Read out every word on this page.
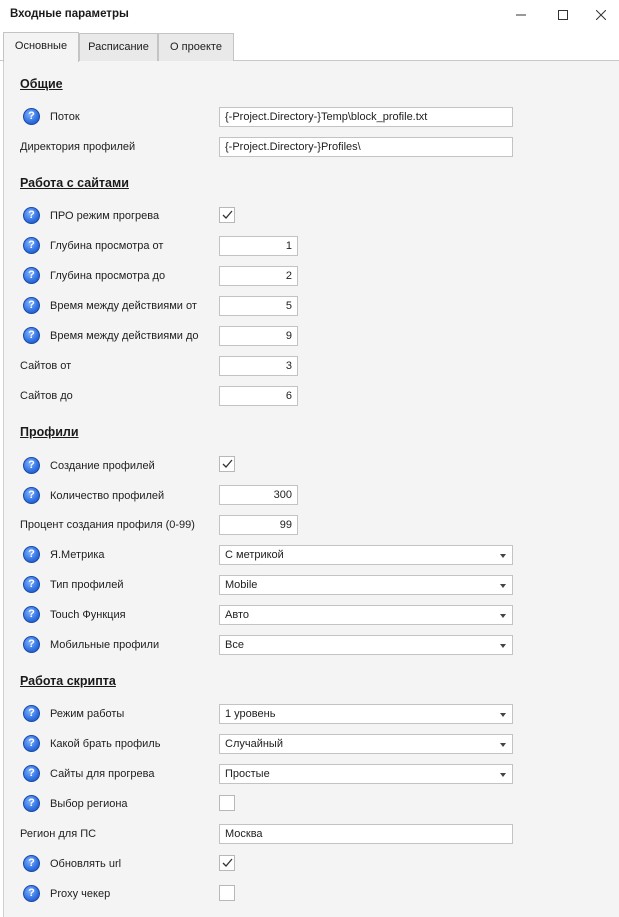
Входные параметры
Основные	Расписание	О проекте
Общие
?	Поток	{-Project.Directory-}Temp\block_profile.txt
Директория профилей	{-Project.Directory-}Profiles\
Работа с сайтами
?	ПРО режим прогрева
?	Глубина просмотра от	1
?	Глубина просмотра до	2
?	Время между действиями от	5
?	Время между действиями до	9
Сайтов от	3
Сайтов до	6
Профили
?	Создание профилей
?	Количество профилей	300
Процент создания профиля (0-99)	99
?	Я.Метрика	С метрикой
?	Тип профилей	Mobile
?	Touch Функция	Авто
?	Мобильные профили	Все
Работа скрипта
?	Режим работы	1 уровень
?	Какой брать профиль	Случайный
?	Сайты для прогрева	Простые
?	Выбор региона
Регион для ПС	Москва
?	Обновлять url
?	Proxy чекер
